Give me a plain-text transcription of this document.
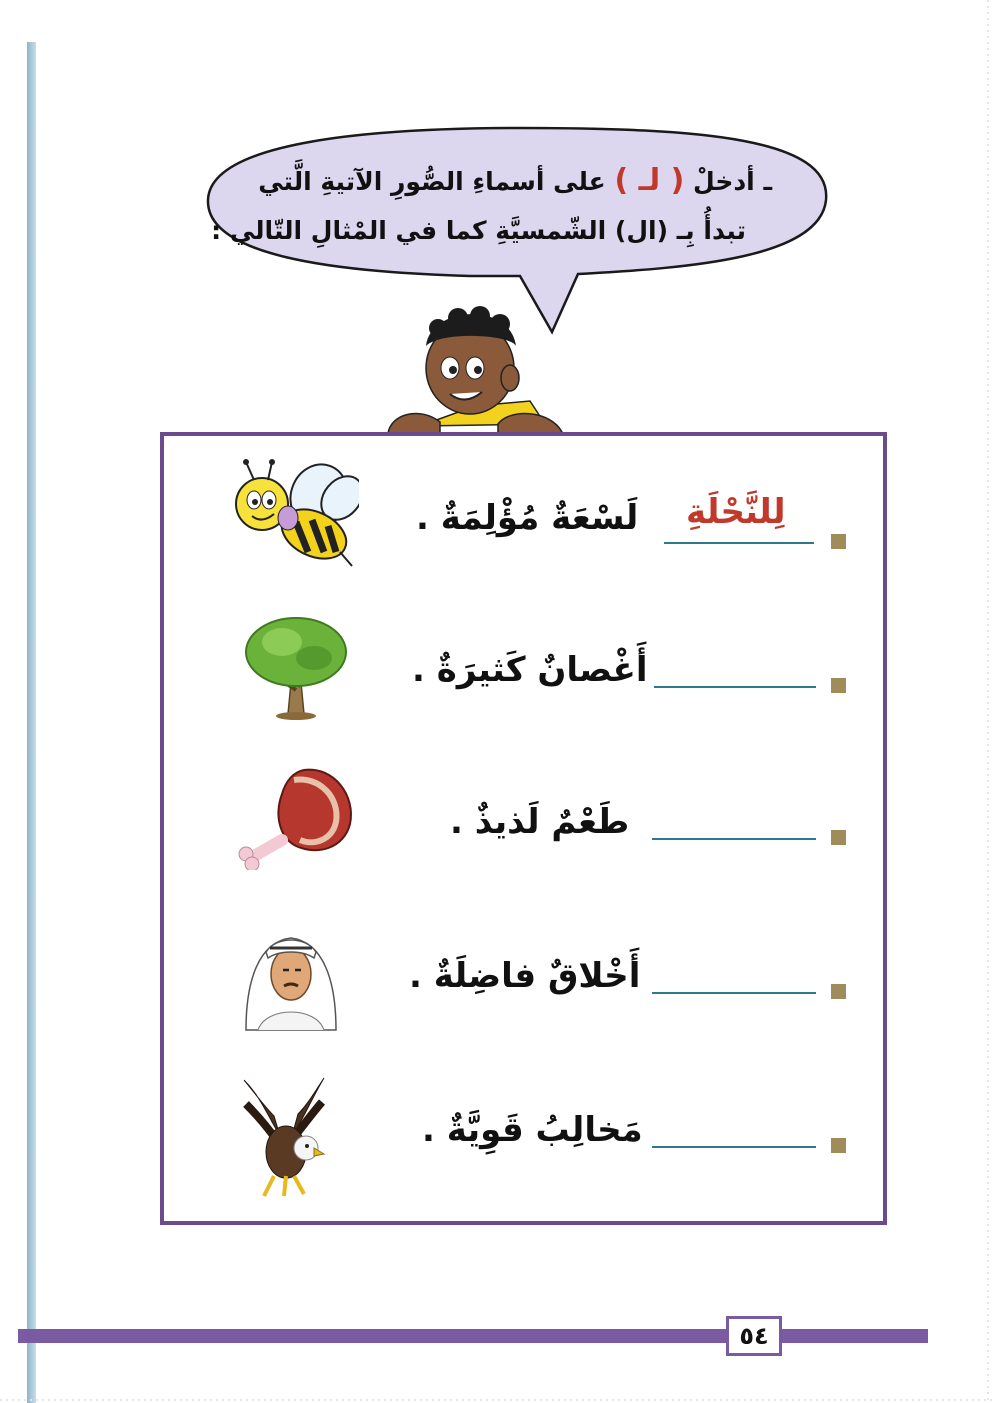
ـ أدخلْ ( لـ ) على أسماءِ الصُّورِ الآتيةِ الَّتي
تبدأُ بِـ (ال) الشّمسيَّةِ كما في المْثالِ التّالي :
لِلنَّحْلَةِ
لَسْعَةٌ مُؤْلِمَةٌ .
أَغْصانٌ كَثيرَةٌ .
طَعْمٌ لَذيذٌ .
أَخْلاقٌ فاضِلَةٌ .
مَخالِبُ قَوِيَّةٌ .
٥٤
